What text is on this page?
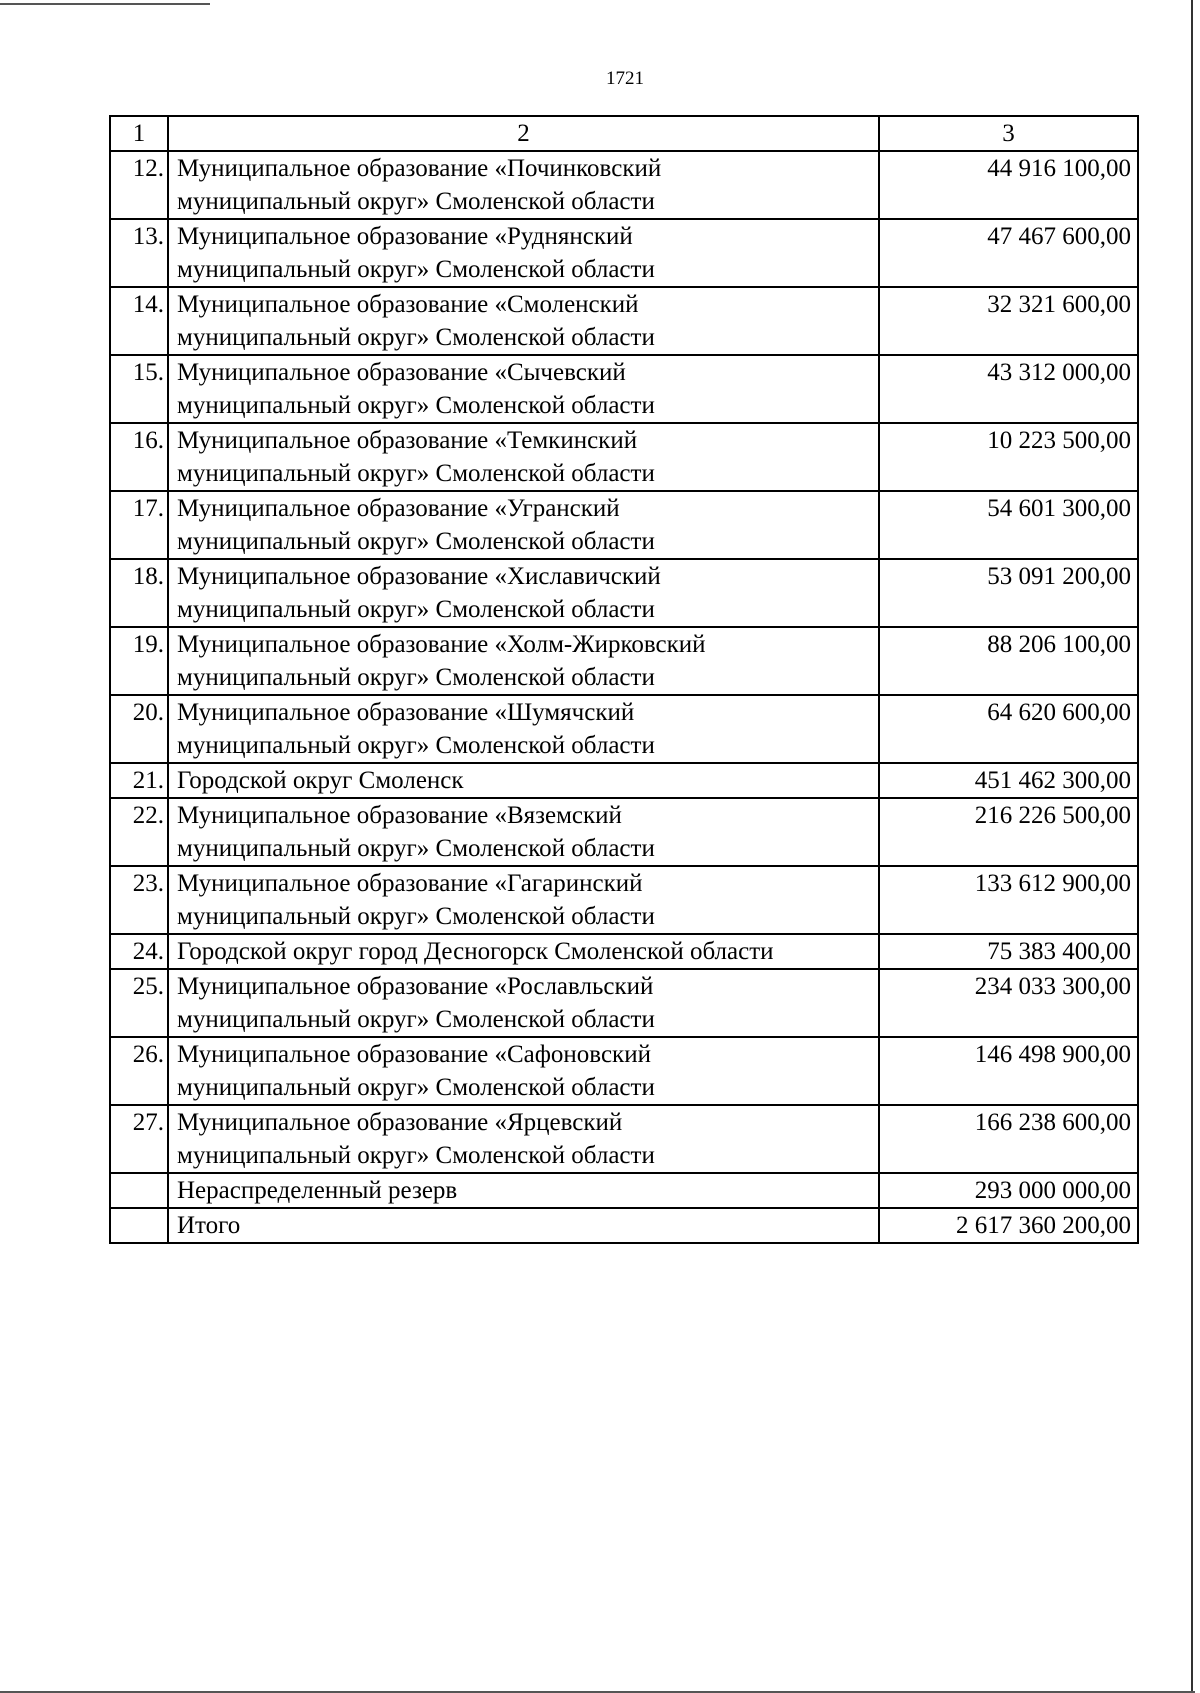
1721
1	2	3
12.	Муниципальное образование «Починковский
муниципальный округ» Смоленской области	44 916 100,00
13.	Муниципальное образование «Руднянский
муниципальный округ» Смоленской области	47 467 600,00
14.	Муниципальное образование «Смоленский
муниципальный округ» Смоленской области	32 321 600,00
15.	Муниципальное образование «Сычевский
муниципальный округ» Смоленской области	43 312 000,00
16.	Муниципальное образование «Темкинский
муниципальный округ» Смоленской области	10 223 500,00
17.	Муниципальное образование «Угранский
муниципальный округ» Смоленской области	54 601 300,00
18.	Муниципальное образование «Хиславичский
муниципальный округ» Смоленской области	53 091 200,00
19.	Муниципальное образование «Холм-Жирковский
муниципальный округ» Смоленской области	88 206 100,00
20.	Муниципальное образование «Шумячский
муниципальный округ» Смоленской области	64 620 600,00
21.	Городской округ Смоленск	451 462 300,00
22.	Муниципальное образование «Вяземский
муниципальный округ» Смоленской области	216 226 500,00
23.	Муниципальное образование «Гагаринский
муниципальный округ» Смоленской области	133 612 900,00
24.	Городской округ город Десногорск Смоленской области	75 383 400,00
25.	Муниципальное образование «Рославльский
муниципальный округ» Смоленской области	234 033 300,00
26.	Муниципальное образование «Сафоновский
муниципальный округ» Смоленской области	146 498 900,00
27.	Муниципальное образование «Ярцевский
муниципальный округ» Смоленской области	166 238 600,00

	Нераспределенный резерв	293 000 000,00

	Итого	2 617 360 200,00
